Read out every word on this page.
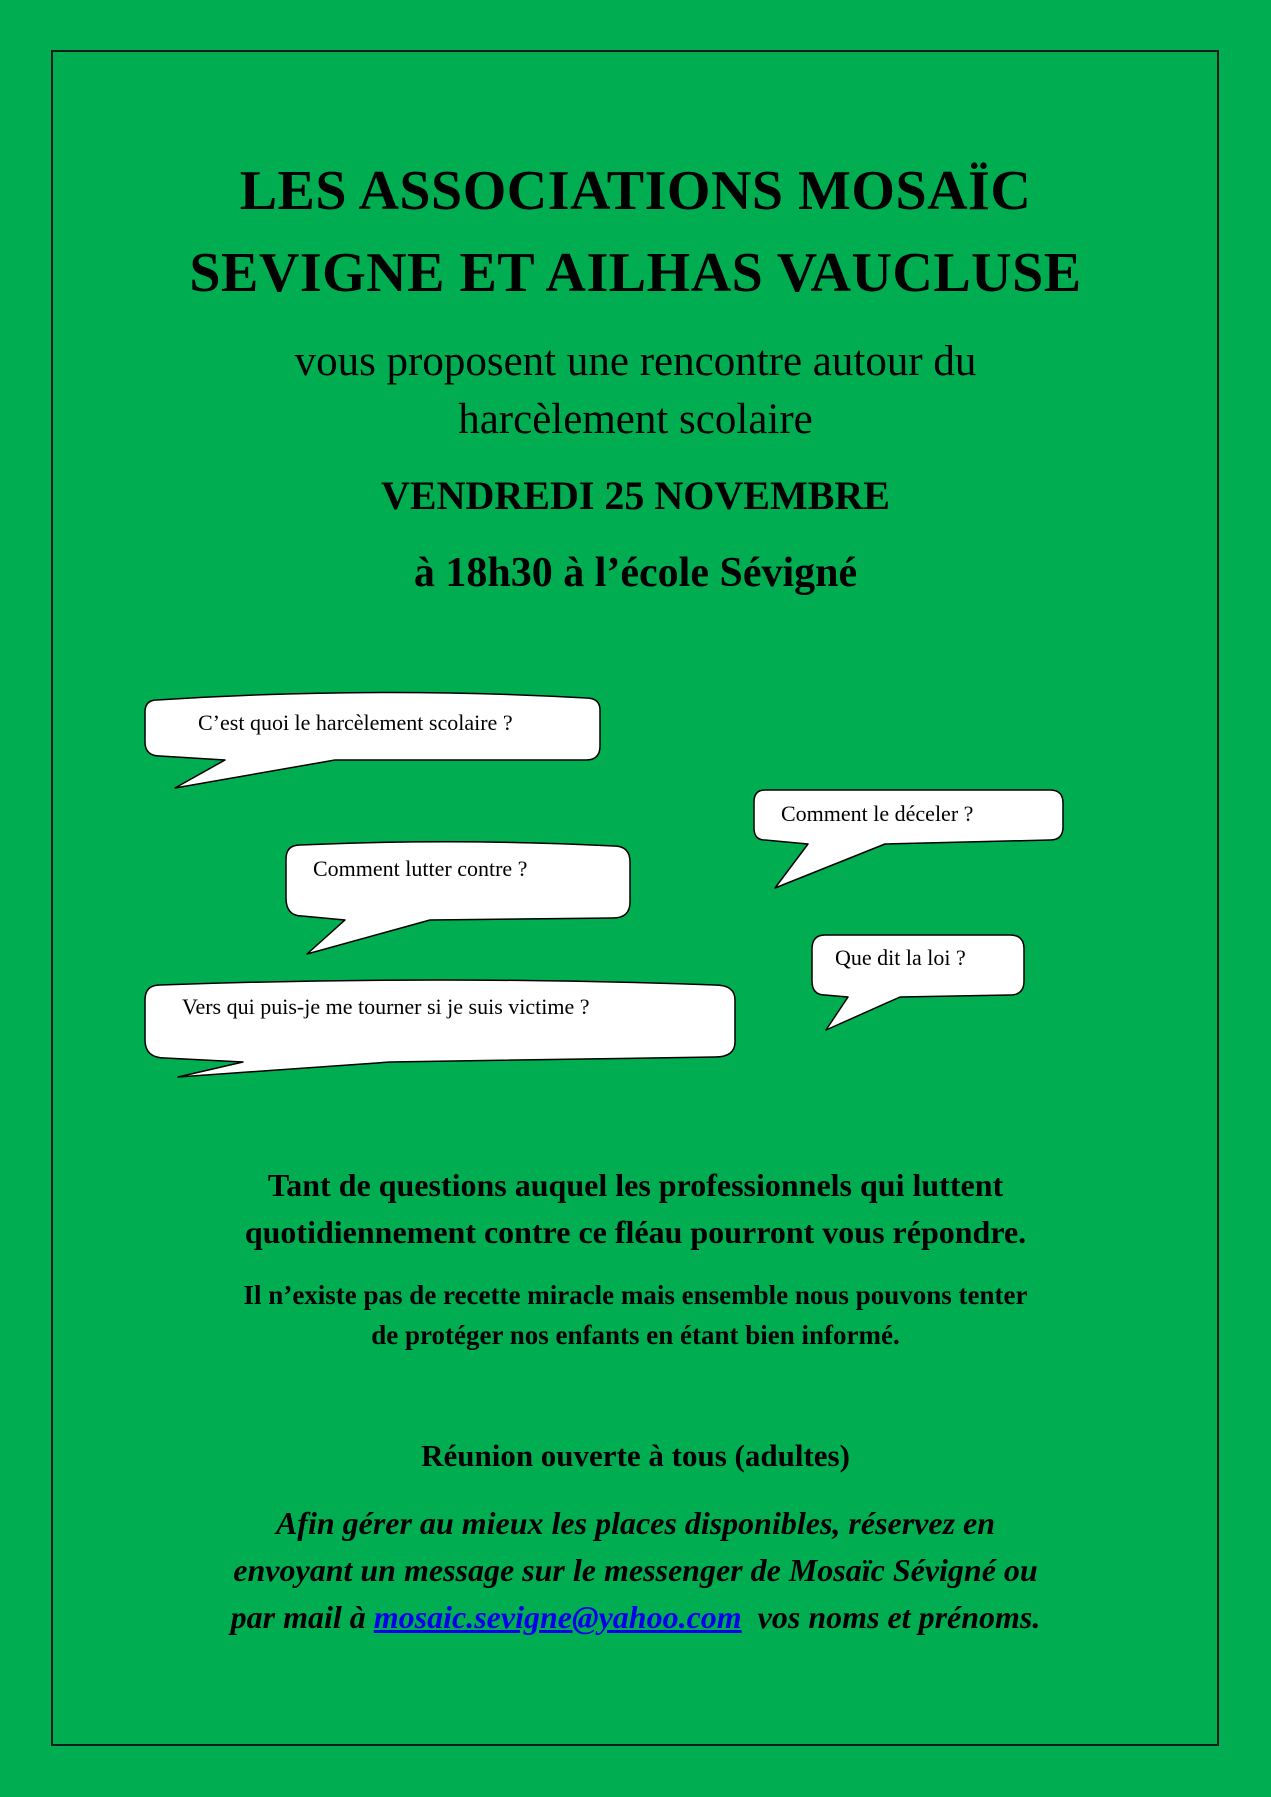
LES ASSOCIATIONS MOSAÏC
SEVIGNE ET AILHAS VAUCLUSE
vous proposent une rencontre autour du
harcèlement scolaire
VENDREDI 25 NOVEMBRE
à 18h30 à l’école Sévigné
C’est quoi le harcèlement scolaire ?
Comment le déceler ?
Comment lutter contre ?
Que dit la loi ?
Vers qui puis-je me tourner si je suis victime ?
Tant de questions auquel les professionnels qui luttent
quotidiennement contre ce fléau pourront vous répondre.
Il n’existe pas de recette miracle mais ensemble nous pouvons tenter
de protéger nos enfants en étant bien informé.
Réunion ouverte à tous (adultes)
Afin gérer au mieux les places disponibles, réservez en
envoyant un message sur le messenger de Mosaïc Sévigné ou
par mail à mosaic.sevigne@yahoo.com  vos noms et prénoms.
